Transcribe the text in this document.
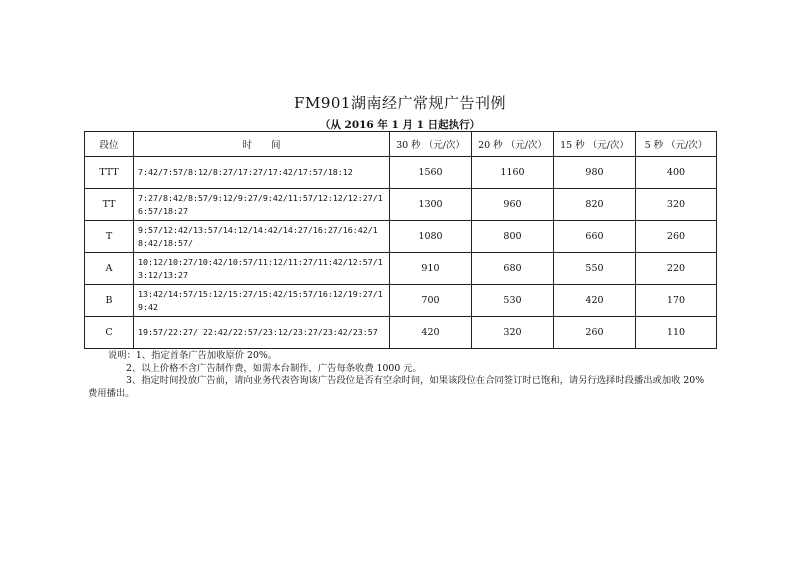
FM901湖南经广常规广告刊例
（从 2016 年 1 月 1 日起执行）
段位	时　　间	30 秒 （元/次）	20 秒 （元/次）	15 秒 （元/次）	5 秒 （元/次）
TTT	7:42/7:57/8:12/8:27/17:27/17:42/17:57/18:12	1560	1160	980	400
TT	7:27/8:42/8:57/9:12/9:27/9:42/11:57/12:12/12:27/16:57/18:27	1300	960	820	320
T	9:57/12:42/13:57/14:12/14:42/14:27/16:27/16:42/18:42/18:57/	1080	800	660	260
A	10:12/10:27/10:42/10:57/11:12/11:27/11:42/12:57/13:12/13:27	910	680	550	220
B	13:42/14:57/15:12/15:27/15:42/15:57/16:12/19:27/19:42	700	530	420	170
C	19:57/22:27/ 22:42/22:57/23:12/23:27/23:42/23:57	420	320	260	110
说明：1、指定首条广告加收原价 20%。
2、以上价格不含广告制作费，如需本台制作，广告每条收费 1000 元。
3、指定时间投放广告前，请向业务代表咨询该广告段位是否有空余时间，如果该段位在合同签订时已饱和，请另行选择时段播出或加收 20%
费用播出。
